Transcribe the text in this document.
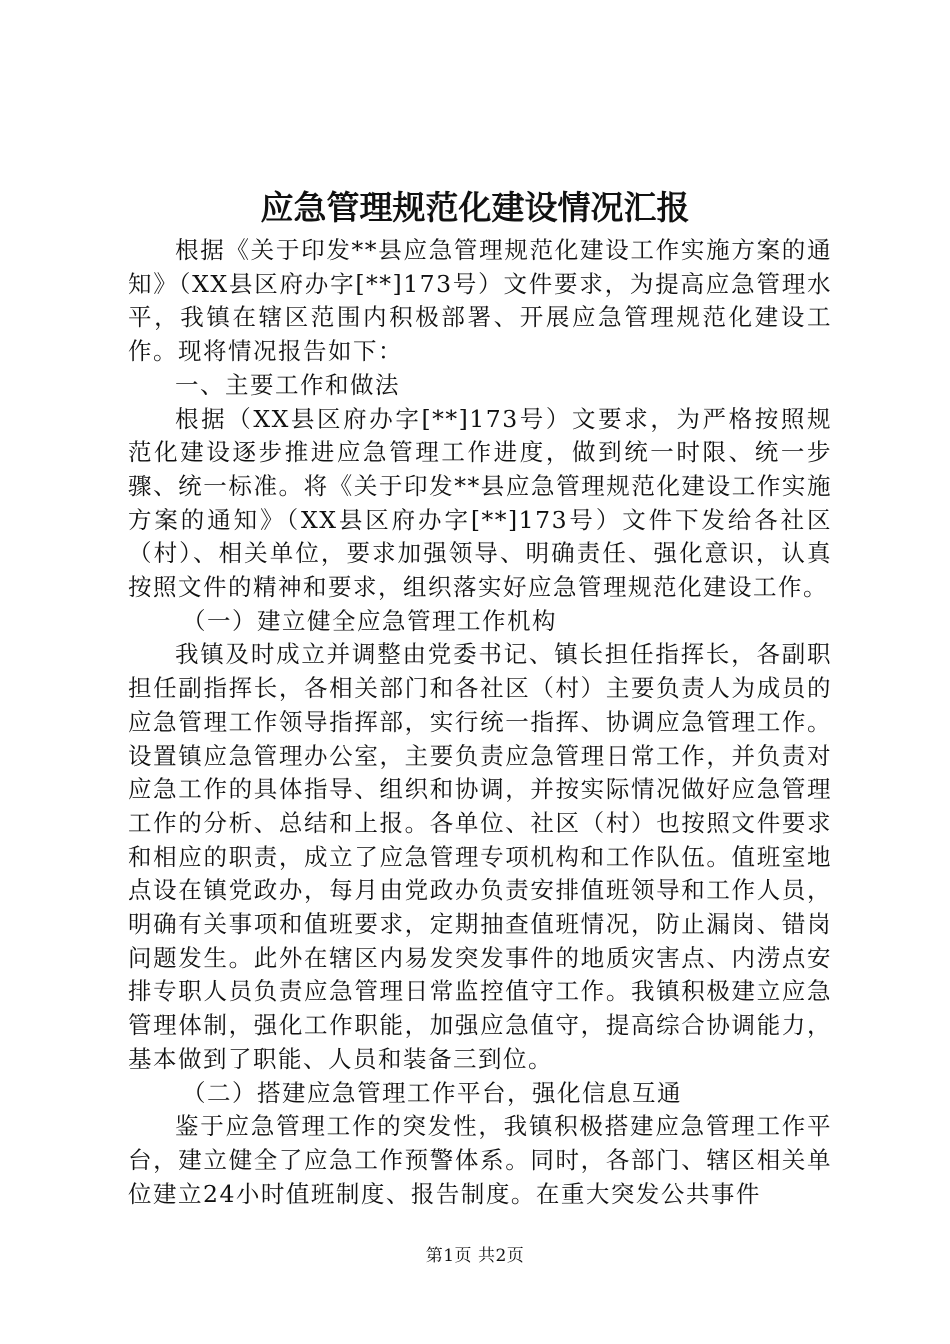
应急管理规范化建设情况汇报

根据《关于印发**县应急管理规范化建设工作实施方案的通知》（XX县区府办字[**]173号）文件要求，为提高应急管理水平，我镇在辖区范围内积极部署、开展应急管理规范化建设工作。现将情况报告如下：

一、主要工作和做法

根据（XX县区府办字[**]173号）文要求，为严格按照规范化建设逐步推进应急管理工作进度，做到统一时限、统一步骤、统一标准。将《关于印发**县应急管理规范化建设工作实施方案的通知》（XX县区府办字[**]173号）文件下发给各社区（村）、相关单位，要求加强领导、明确责任、强化意识，认真按照文件的精神和要求，组织落实好应急管理规范化建设工作。

（一）建立健全应急管理工作机构

我镇及时成立并调整由党委书记、镇长担任指挥长，各副职担任副指挥长，各相关部门和各社区（村）主要负责人为成员的应急管理工作领导指挥部，实行统一指挥、协调应急管理工作。设置镇应急管理办公室，主要负责应急管理日常工作，并负责对应急工作的具体指导、组织和协调，并按实际情况做好应急管理工作的分析、总结和上报。各单位、社区（村）也按照文件要求和相应的职责，成立了应急管理专项机构和工作队伍。值班室地点设在镇党政办，每月由党政办负责安排值班领导和工作人员，明确有关事项和值班要求，定期抽查值班情况，防止漏岗、错岗问题发生。此外在辖区内易发突发事件的地质灾害点、内涝点安排专职人员负责应急管理日常监控值守工作。我镇积极建立应急管理体制，强化工作职能，加强应急值守，提高综合协调能力，基本做到了职能、人员和装备三到位。

（二）搭建应急管理工作平台，强化信息互通

鉴于应急管理工作的突发性，我镇积极搭建应急管理工作平台，建立健全了应急工作预警体系。同时，各部门、辖区相关单位建立24小时值班制度、报告制度。在重大突发公共事件

第1页 共2页
